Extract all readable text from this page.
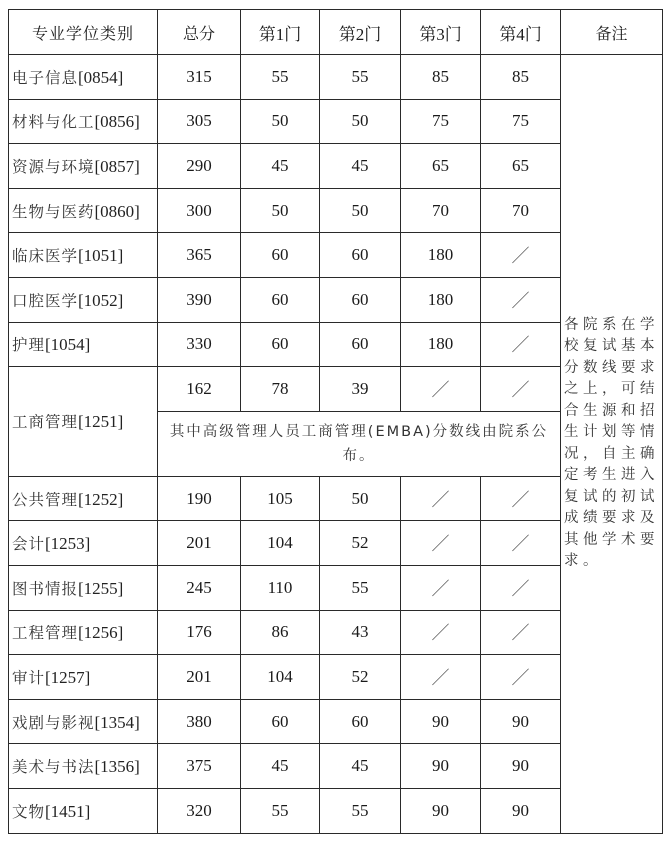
专业学位类别	总分	第1门	第2门	第3门	第4门	备注
电子信息[0854]	315	55	55	85	85	各院系在学校复试基本分数线要求之上，可结合生源和招生计划等情况，自主确定考生进入复试的初试成绩要求及其他学术要求。
材料与化工[0856]	305	50	50	75	75	
资源与环境[0857]	290	45	45	65	65	
生物与医药[0860]	300	50	50	70	70	
临床医学[1051]	365	60	60	180	／	
口腔医学[1052]	390	60	60	180	／	
护理[1054]	330	60	60	180	／	
工商管理[1251]	162	78	39	／	／	
	其中高级管理人员工商管理(EMBA)分数线由院系公布。					
公共管理[1252]	190	105	50	／	／	
会计[1253]	201	104	52	／	／	
图书情报[1255]	245	110	55	／	／	
工程管理[1256]	176	86	43	／	／	
审计[1257]	201	104	52	／	／	
戏剧与影视[1354]	380	60	60	90	90	
美术与书法[1356]	375	45	45	90	90	
文物[1451]	320	55	55	90	90	
